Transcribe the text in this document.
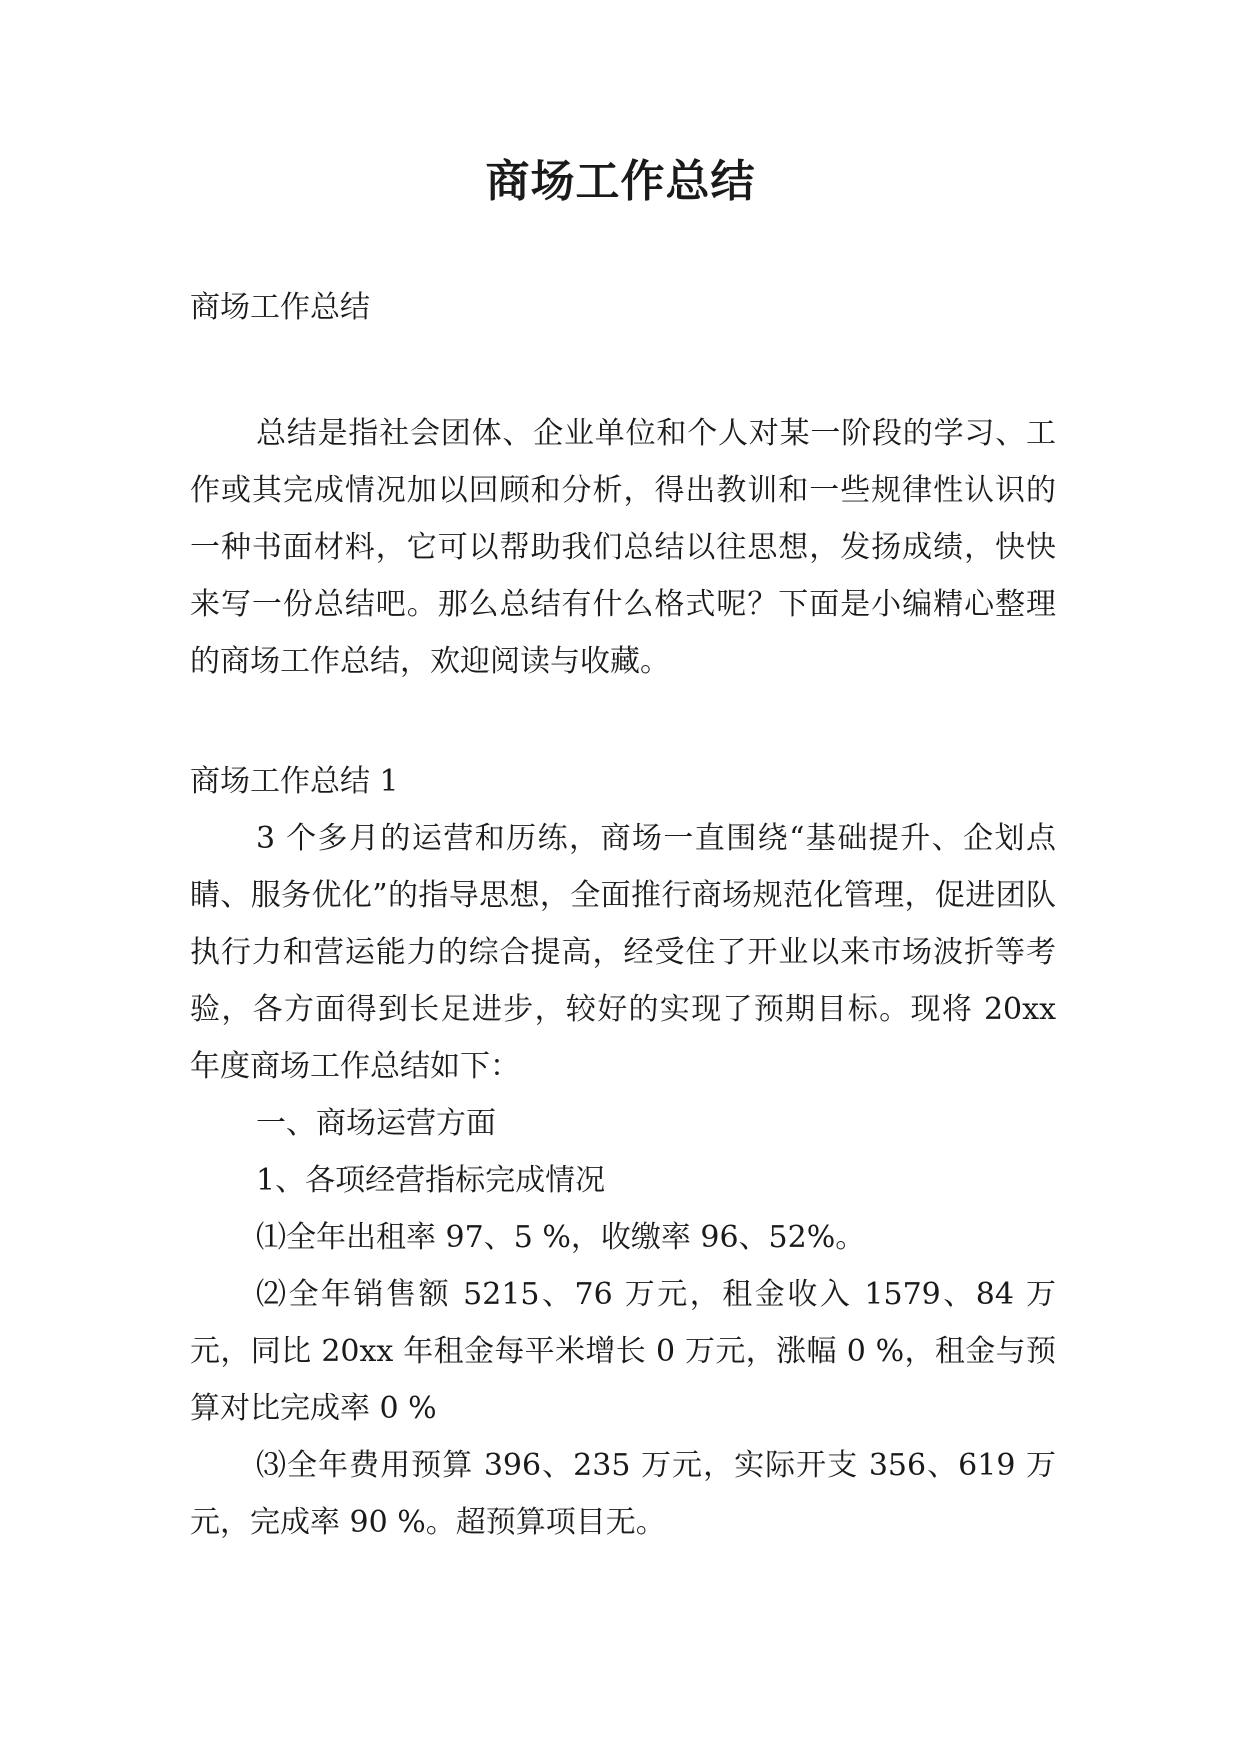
商场工作总结
商场工作总结

总结是指社会团体、企业单位和个人对某一阶段的学习、工作或其完成情况加以回顾和分析，得出教训和一些规律性认识的一种书面材料，它可以帮助我们总结以往思想，发扬成绩，快快来写一份总结吧。那么总结有什么格式呢？下面是小编精心整理的商场工作总结，欢迎阅读与收藏。

商场工作总结 1

3 个多月的运营和历练，商场一直围绕“基础提升、企划点睛、服务优化”的指导思想，全面推行商场规范化管理，促进团队执行力和营运能力的综合提高，经受住了开业以来市场波折等考验，各方面得到长足进步，较好的实现了预期目标。现将 20xx 年度商场工作总结如下：

一、商场运营方面

1、各项经营指标完成情况

⑴全年出租率 97、5 %，收缴率 96、52%。

⑵全年销售额 5215、76 万元，租金收入 1579、84 万元，同比 20xx 年租金每平米增长 0 万元，涨幅 0 %，租金与预算对比完成率 0 %

⑶全年费用预算 396、235 万元，实际开支 356、619 万元，完成率 90 %。超预算项目无。
